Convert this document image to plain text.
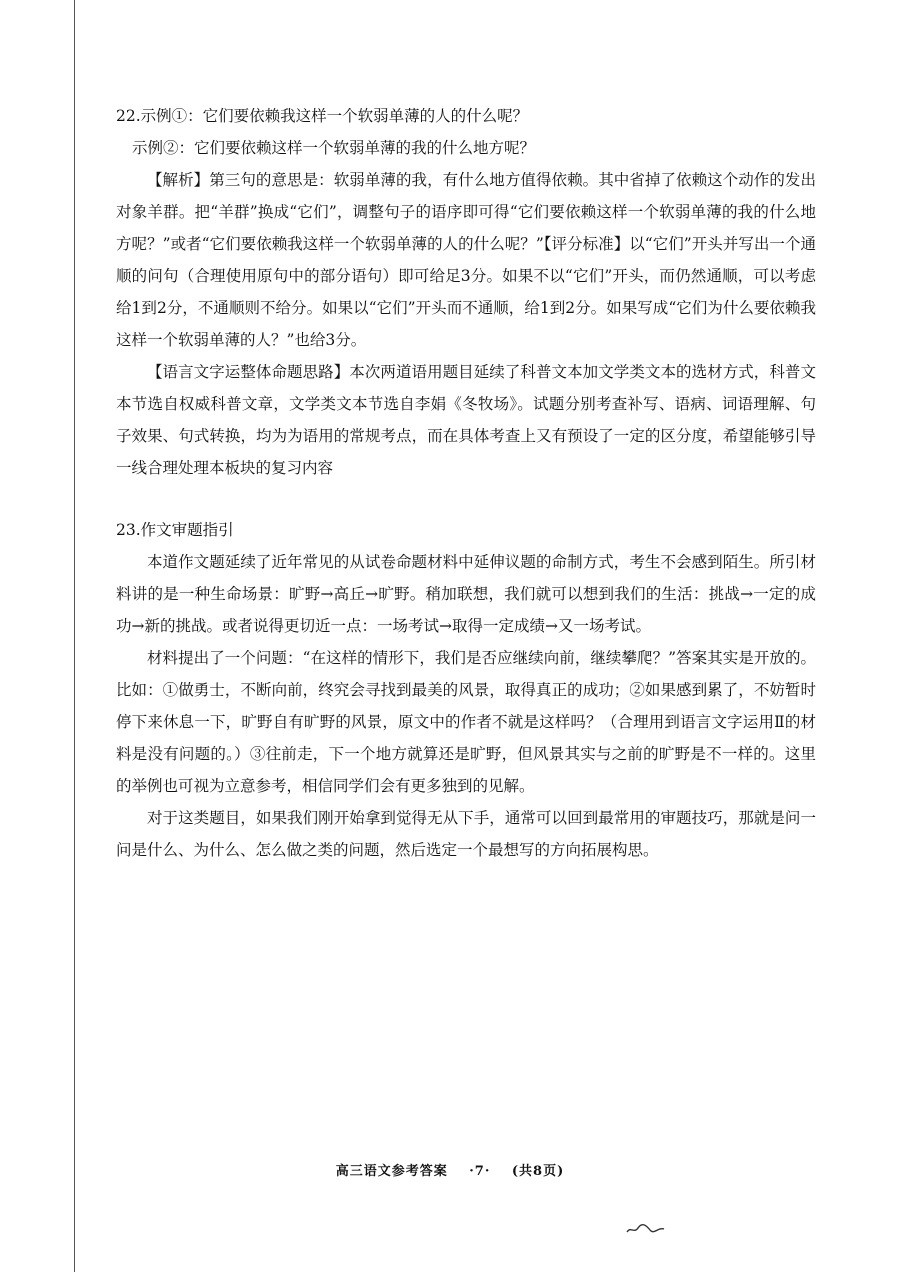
22.示例①：它们要依赖我这样一个软弱单薄的人的什么呢？

示例②：它们要依赖这样一个软弱单薄的我的什么地方呢？

【解析】第三句的意思是：软弱单薄的我，有什么地方值得依赖。其中省掉了依赖这个动作的发出对象羊群。把“羊群”换成“它们”，调整句子的语序即可得“它们要依赖这样一个软弱单薄的我的什么地方呢？”或者“它们要依赖我这样一个软弱单薄的人的什么呢？”【评分标准】以“它们”开头并写出一个通顺的问句（合理使用原句中的部分语句）即可给足3分。如果不以“它们”开头，而仍然通顺，可以考虑给1到2分，不通顺则不给分。如果以“它们”开头而不通顺，给1到2分。如果写成“它们为什么要依赖我这样一个软弱单薄的人？”也给3分。

【语言文字运整体命题思路】本次两道语用题目延续了科普文本加文学类文本的选材方式，科普文本节选自权威科普文章，文学类文本节选自李娟《冬牧场》。试题分别考查补写、语病、词语理解、句子效果、句式转换，均为为语用的常规考点，而在具体考查上又有预设了一定的区分度，希望能够引导一线合理处理本板块的复习内容

23.作文审题指引

本道作文题延续了近年常见的从试卷命题材料中延伸议题的命制方式，考生不会感到陌生。所引材料讲的是一种生命场景：旷野→高丘→旷野。稍加联想，我们就可以想到我们的生活：挑战→一定的成功→新的挑战。或者说得更切近一点：一场考试→取得一定成绩→又一场考试。

材料提出了一个问题：“在这样的情形下，我们是否应继续向前，继续攀爬？”答案其实是开放的。比如：①做勇士，不断向前，终究会寻找到最美的风景，取得真正的成功；②如果感到累了，不妨暂时停下来休息一下，旷野自有旷野的风景，原文中的作者不就是这样吗？（合理用到语言文字运用Ⅱ的材料是没有问题的。）③往前走，下一个地方就算还是旷野，但风景其实与之前的旷野是不一样的。这里的举例也可视为立意参考，相信同学们会有更多独到的见解。

对于这类题目，如果我们刚开始拿到觉得无从下手，通常可以回到最常用的审题技巧，那就是问一问是什么、为什么、怎么做之类的问题，然后选定一个最想写的方向拓展构思。

高三语文参考答案 ·7· (共8页)
